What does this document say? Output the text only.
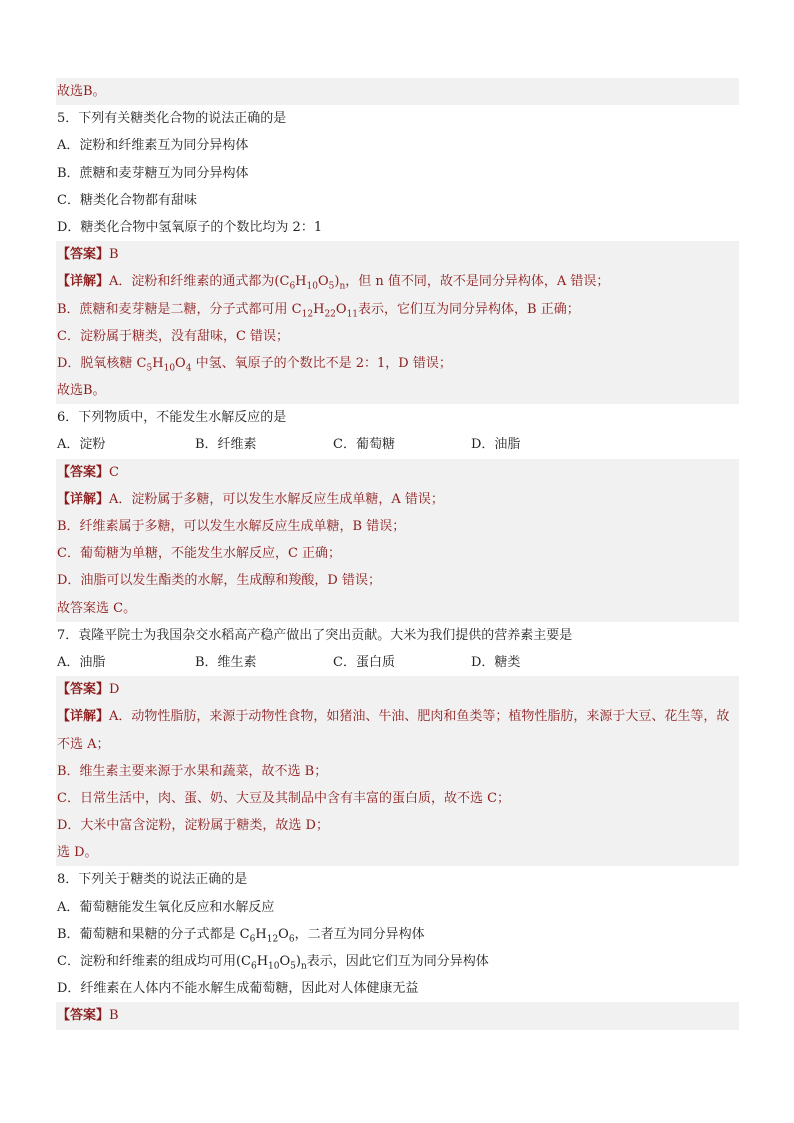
故选B。
5．下列有关糖类化合物的说法正确的是
A．淀粉和纤维素互为同分异构体
B．蔗糖和麦芽糖互为同分异构体
C．糖类化合物都有甜味
D．糖类化合物中氢氧原子的个数比均为 2：1
【答案】B
【详解】A．淀粉和纤维素的通式都为$(C_6H_{10}O_5)_n$，但 n 值不同，故不是同分异构体，A 错误；
B．蔗糖和麦芽糖是二糖，分子式都可用 $C_{12}H_{22}O_{11}$表示，它们互为同分异构体，B 正确；
C．淀粉属于糖类，没有甜味，C 错误；
D．脱氧核糖 $C_5H_{10}O_4$ 中氢、氧原子的个数比不是 2：1，D 错误；
故选B。
6．下列物质中，不能发生水解反应的是
A．淀粉	B．纤维素	C．葡萄糖	D．油脂
【答案】C
【详解】A．淀粉属于多糖，可以发生水解反应生成单糖，A 错误；
B．纤维素属于多糖，可以发生水解反应生成单糖，B 错误；
C．葡萄糖为单糖，不能发生水解反应，C 正确；
D．油脂可以发生酯类的水解，生成醇和羧酸，D 错误；
故答案选 C。
7．袁隆平院士为我国杂交水稻高产稳产做出了突出贡献。大米为我们提供的营养素主要是
A．油脂	B．维生素	C．蛋白质	D．糖类
【答案】D
【详解】A．动物性脂肪，来源于动物性食物，如猪油、牛油、肥肉和鱼类等；植物性脂肪，来源于大豆、花生等，故不选 A；
B．维生素主要来源于水果和蔬菜，故不选 B；
C．日常生活中，肉、蛋、奶、大豆及其制品中含有丰富的蛋白质，故不选 C；
D．大米中富含淀粉，淀粉属于糖类，故选 D；
选 D。
8．下列关于糖类的说法正确的是
A．葡萄糖能发生氧化反应和水解反应
B．葡萄糖和果糖的分子式都是 $C_6H_{12}O_6$，二者互为同分异构体
C．淀粉和纤维素的组成均可用$(C_6H_{10}O_5)_n$表示，因此它们互为同分异构体
D．纤维素在人体内不能水解生成葡萄糖，因此对人体健康无益
【答案】B
